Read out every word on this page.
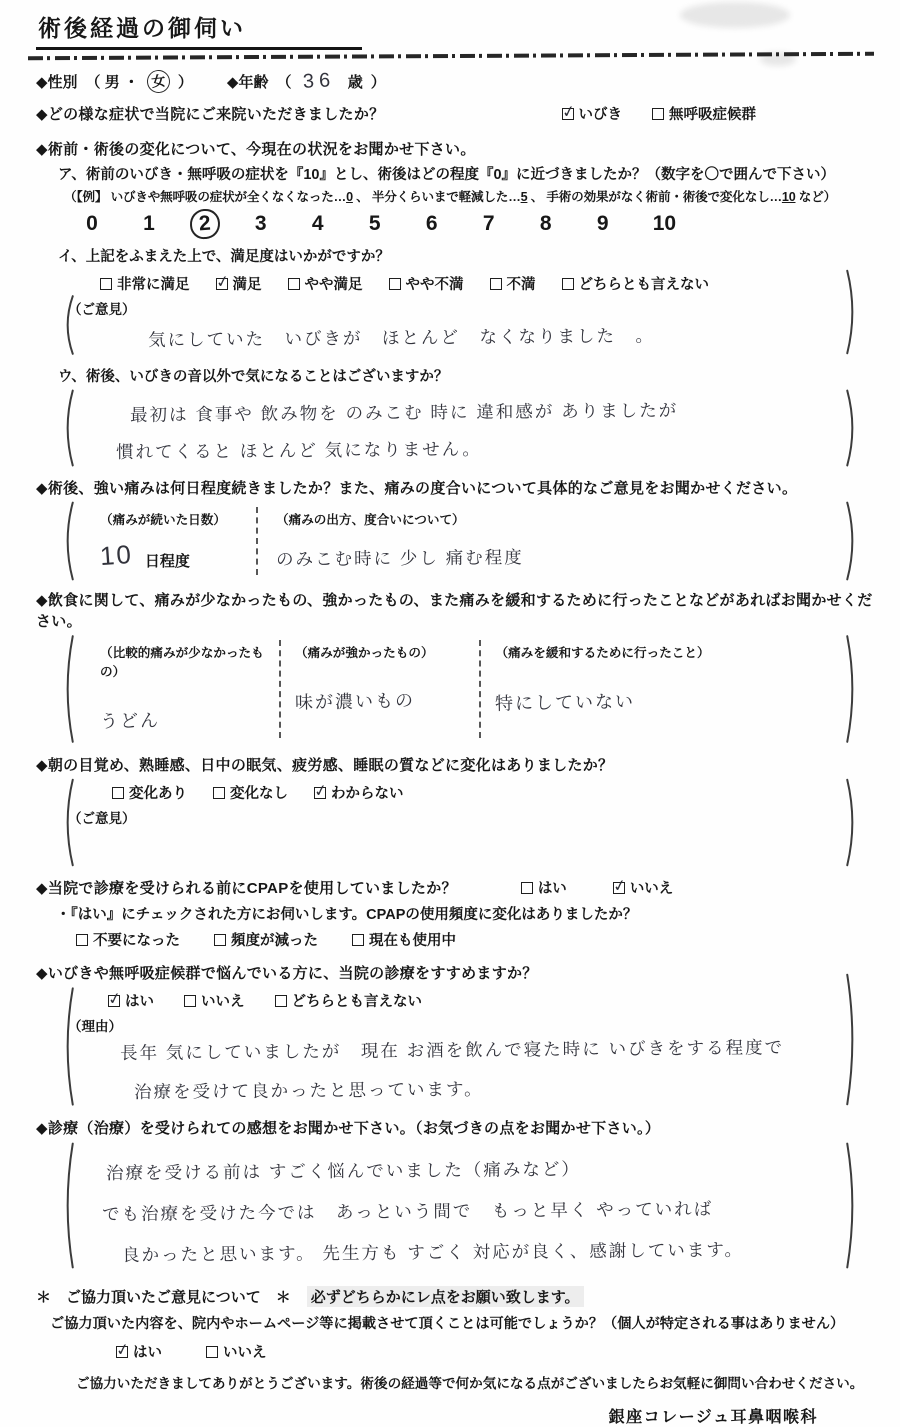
術後経過の御伺い
◆性別 （ 男 ・ 女 ） ◆年齢 （ 36 歳 ）
◆どの様な症状で当院にご来院いただきましたか？ ✓	いびき	無呼吸症候群
◆術前・術後の変化について、今現在の状況をお聞かせ下さい。
ア、術前のいびき・無呼吸の症状を『10』とし、術後はどの程度『0』に近づきましたか？（数字を〇で囲んで下さい）
（【例】 いびきや無呼吸の症状が全くなくなった…0 、 半分くらいまで軽減した…5 、 手術の効果がなく術前・術後で変化なし…10 など）
0 1	2	3 4 5 6 7 8 9 10
イ、上記をふまえた上で、満足度はいかがですか？
非常に満足 ✓	満足	やや満足	やや不満	不満	どちらとも言えない
（ご意見）
気にしていた　いびきが　ほとんど　なくなりました　。
ウ、術後、いびきの音以外で気になることはございますか？
最初は 食事や 飲み物を のみこむ 時に 違和感が ありましたが
慣れてくると ほとんど 気になりません。
◆術後、強い痛みは何日程度続きましたか？また、痛みの度合いについて具体的なご意見をお聞かせください。
（痛みが続いた日数）
10 日程度
（痛みの出方、度合いについて）
のみこむ時に 少し 痛む程度
◆飲食に関して、痛みが少なかったもの、強かったもの、また痛みを緩和するために行ったことなどがあればお聞かせください。
（比較的痛みが少なかったもの）
うどん
（痛みが強かったもの）
味が濃いもの
（痛みを緩和するために行ったこと）
特にしていない
◆朝の目覚め、熟睡感、日中の眠気、疲労感、睡眠の質などに変化はありましたか？
変化あり	変化なし ✓	わからない
（ご意見）
◆当院で診療を受けられる前にCPAPを使用していましたか？	はい ✓	いいえ
・『はい』にチェックされた方にお伺いします。CPAPの使用頻度に変化はありましたか？
不要になった	頻度が減った	現在も使用中
◆いびきや無呼吸症候群で悩んでいる方に、当院の診療をすすめますか？
✓
はい	いいえ	どちらとも言えない
（理由）
長年 気にしていましたが　現在 お酒を飲んで寝た時に いびきをする程度で
治療を受けて良かったと思っています。
◆診療（治療）を受けられての感想をお聞かせ下さい。（お気づきの点をお聞かせ下さい。）
治療を受ける前は すごく悩んでいました（痛みなど）
でも治療を受けた今では　あっという間で　もっと早く やっていれば
良かったと思います。 先生方も すごく 対応が良く、感謝しています。
＊　ご協力頂いたご意見について　＊ 必ずどちらかにレ点をお願い致します。
ご協力頂いた内容を、院内やホームページ等に掲載させて頂くことは可能でしょうか？（個人が特定される事はありません）
✓
はい	いいえ
ご協力いただきましてありがとうございます。術後の経過等で何か気になる点がございましたらお気軽に御問い合わせください。
銀座コレージュ耳鼻咽喉科
